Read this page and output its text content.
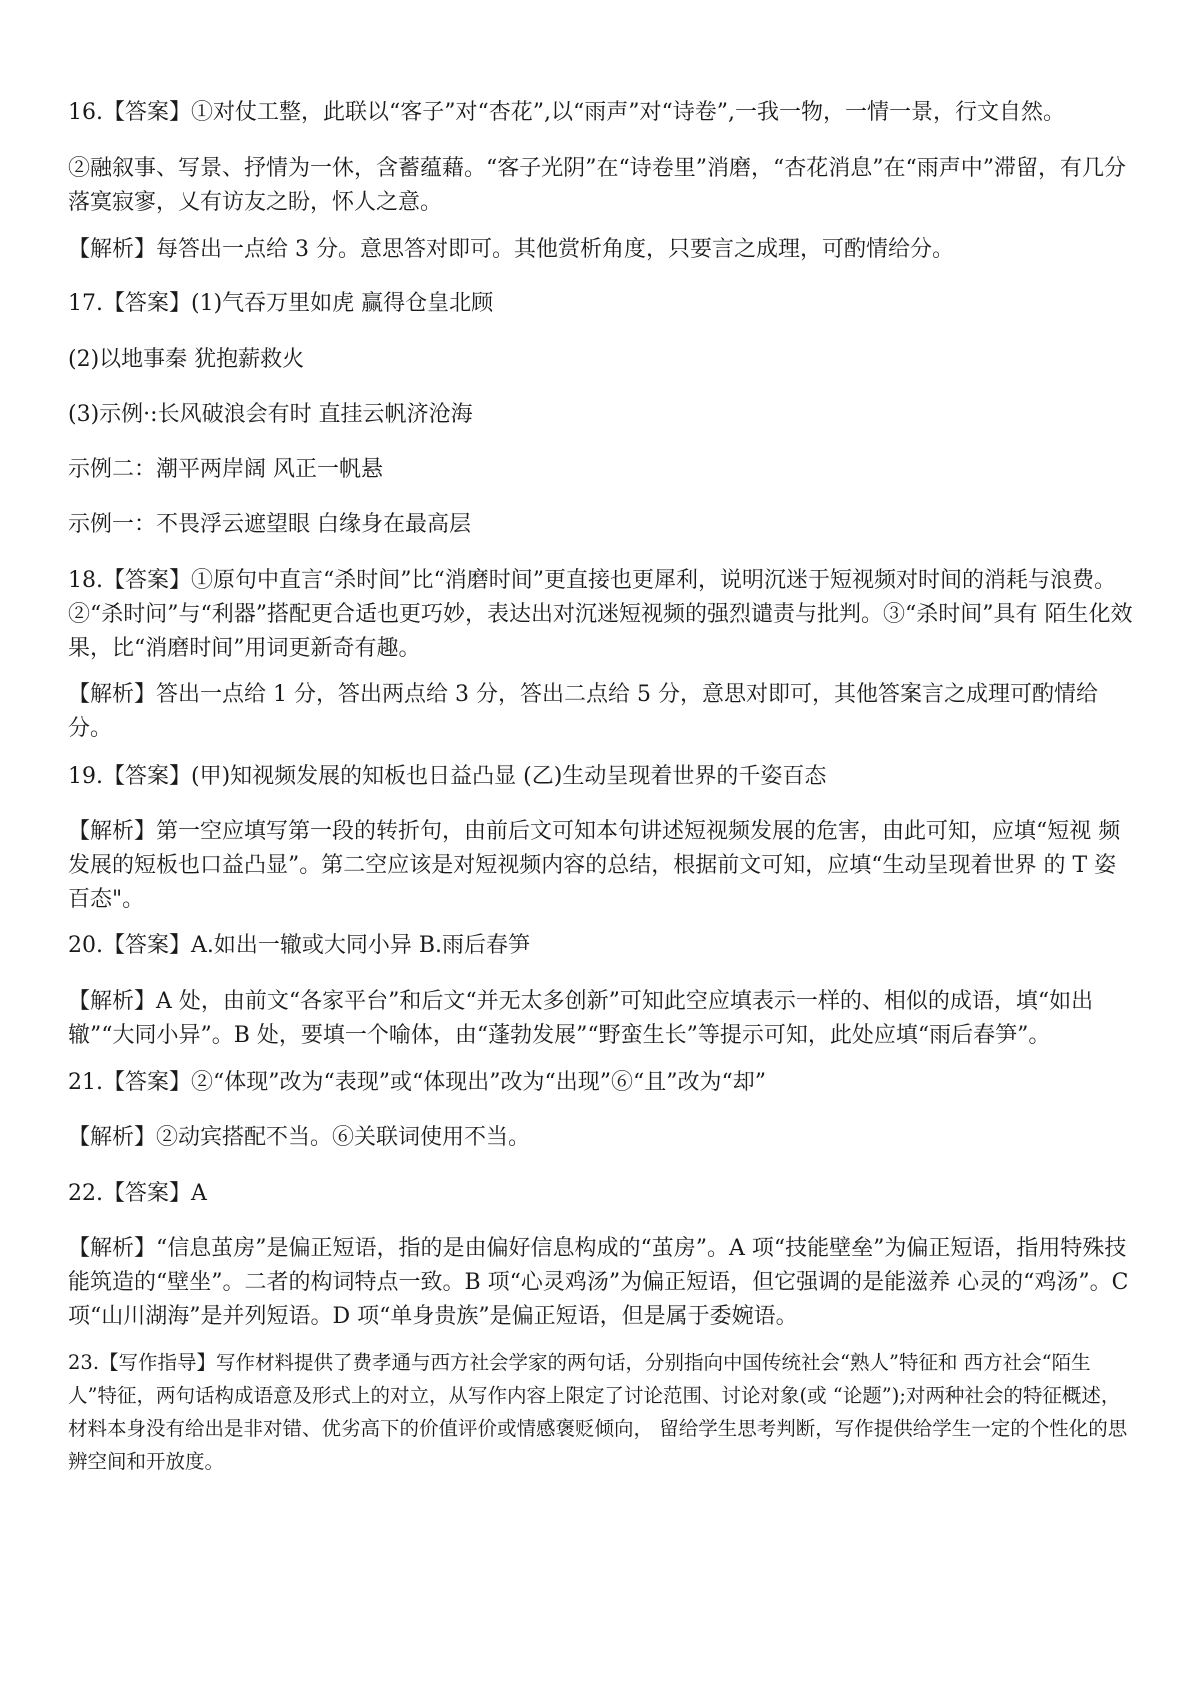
16.【答案】①对仗工整，此联以“客子”对“杏花”,以“雨声”对“诗卷”,一我一物，一情一景，行文自然。
②融叙事、写景、抒情为一休，含蓄蕴藉。“客子光阴”在“诗卷里”消磨，“杏花消息”在“雨声中”滞留，有几分落寞寂寥，乂有访友之盼，怀人之意。
【解析】每答出一点给 3 分。意思答对即可。其他赏析角度，只要言之成理，可酌情给分。
17.【答案】(1)气吞万里如虎 赢得仓皇北顾
(2)以地事秦 犹抱薪救火
(3)示例·:长风破浪会有时 直挂云帆济沧海
示例二：潮平两岸阔 风正一帆悬
示例一：不畏浮云遮望眼 白缘身在最高层
18.【答案】①原句中直言“杀时间”比“消磨时间”更直接也更犀利，说明沉迷于短视频对时间的消耗与浪费。②“杀时问”与“利器”搭配更合适也更巧妙，表达出对沉迷短视频的强烈谴责与批判。③“杀时间”具有 陌生化效果，比“消磨时间”用词更新奇有趣。
【解析】答出一点给 1 分，答出两点给 3 分，答出二点给 5 分，意思对即可，其他答案言之成理可酌情给分。
19.【答案】(甲)知视频发展的知板也日益凸显 (乙)生动呈现着世界的千姿百态
【解析】第一空应填写第一段的转折句，由前后文可知本句讲述短视频发展的危害，由此可知，应填“短视 频发展的短板也口益凸显”。第二空应该是对短视频内容的总结，根据前文可知，应填“生动呈现着世界 的 T 姿百态"。
20.【答案】A.如出一辙或大同小异 B.雨后春笋
【解析】A 处，由前文“各家平台”和后文“并无太多创新”可知此空应填表示一样的、相似的成语，填“如出 辙”“大同小异”。B 处，要填一个喻体，由“蓬勃发展”“野蛮生长”等提示可知，此处应填“雨后春笋”。
21.【答案】②“体现”改为“表现”或“体现出”改为“出现”⑥“且”改为“却”
【解析】②动宾搭配不当。⑥关联词使用不当。
22.【答案】A
【解析】“信息茧房”是偏正短语，指的是由偏好信息构成的“茧房”。A 项“技能壁垒”为偏正短语，指用特殊技能筑造的“壁坐”。二者的构词特点一致。B 项“心灵鸡汤”为偏正短语，但它强调的是能滋养 心灵的“鸡汤”。C 项“山川湖海”是并列短语。D 项“单身贵族”是偏正短语，但是属于委婉语。
23.【写作指导】写作材料提供了费孝通与西方社会学家的两句话，分别指向中国传统社会“熟人”特征和 西方社会“陌生人”特征，两句话构成语意及形式上的对立，从写作内容上限定了讨论范围、讨论对象(或 “论题”);对两种社会的特征概述，材料本身没有给出是非对错、优劣高下的价值评价或情感褒贬倾向， 留给学生思考判断，写作提供给学生一定的个性化的思辨空间和开放度。
